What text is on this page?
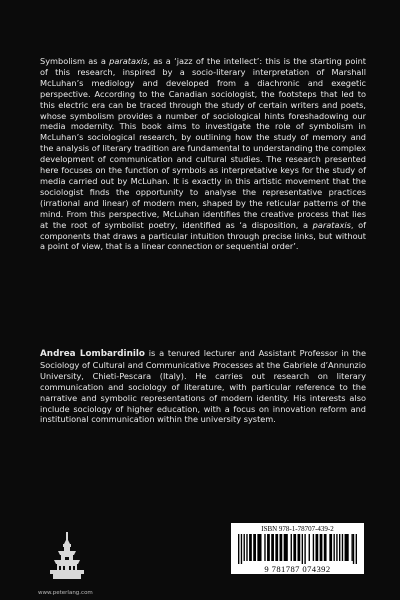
Symbolism as a parataxis, as a ‘jazz of the intellect’: this is the starting point of this research, inspired by a socio-literary interpretation of Marshall McLuhan’s mediology and developed from a diachronic and exegetic perspective. According to the Canadian sociologist, the footsteps that led to this electric era can be traced through the study of certain writers and poets, whose symbolism provides a number of sociological hints foreshadowing our media modernity. This book aims to investigate the role of symbolism in McLuhan’s sociological research, by outlining how the study of memory and the analysis of literary tradition are fundamental to understanding the complex development of communication and cultural studies. The research presented here focuses on the function of symbols as interpretative keys for the study of media carried out by McLuhan. It is exactly in this artistic movement that the sociologist finds the opportunity to analyse the representative practices (irrational and linear) of modern men, shaped by the reticular patterns of the mind. From this perspective, McLuhan identifies the creative process that lies at the root of symbolist poetry, identified as ‘a disposition, a parataxis, of components that draws a particular intuition through precise links, but without a point of view, that is a linear connection or sequential order’.

Andrea Lombardinilo is a tenured lecturer and Assistant Professor in the Sociology of Cultural and Communicative Processes at the Gabriele d’Annunzio University, Chieti-Pescara (Italy). He carries out research on literary communication and sociology of literature, with particular reference to the narrative and symbolic representations of modern identity. His interests also include sociology of higher education, with a focus on innovation reform and institutional communication within the university system.

www.peterlang.com
ISBN 978-1-78707-439-2
9 781787 074392
